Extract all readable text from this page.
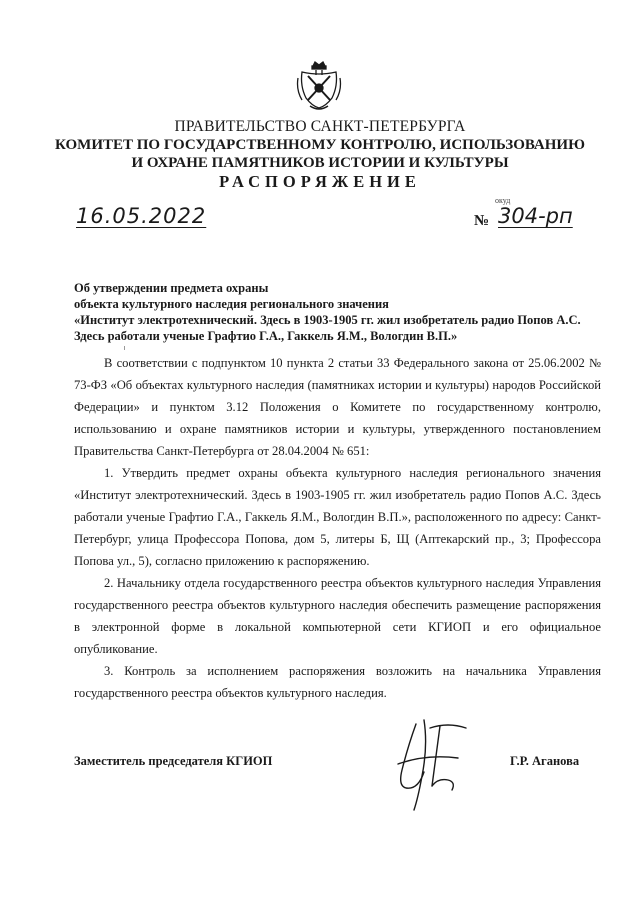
ПРАВИТЕЛЬСТВО САНКТ-ПЕТЕРБУРГА
КОМИТЕТ ПО ГОСУДАРСТВЕННОМУ КОНТРОЛЮ, ИСПОЛЬЗОВАНИЮ
И ОХРАНЕ ПАМЯТНИКОВ ИСТОРИИ И КУЛЬТУРЫ
РАСПОРЯЖЕНИЕ
окуд
16.05.2022	№ 304-рп
Об утверждении предмета охраны
объекта культурного наследия регионального значения
«Институт электротехнический. Здесь в 1903-1905 гг. жил изобретатель радио Попов А.С.
Здесь работали ученые Графтио Г.А., Гаккель Я.М., Вологдин В.П.»
В соответствии с подпунктом 10 пункта 2 статьи 33 Федерального закона от 25.06.2002 № 73-ФЗ «Об объектах культурного наследия (памятниках истории и культуры) народов Российской Федерации» и пунктом 3.12 Положения о Комитете по государственному контролю, использованию и охране памятников истории и культуры, утвержденного постановлением Правительства Санкт-Петербурга от 28.04.2004 № 651:
1. Утвердить предмет охраны объекта культурного наследия регионального значения «Институт электротехнический. Здесь в 1903-1905 гг. жил изобретатель радио Попов А.С. Здесь работали ученые Графтио Г.А., Гаккель Я.М., Вологдин В.П.», расположенного по адресу: Санкт-Петербург, улица Профессора Попова, дом 5, литеры Б, Щ (Аптекарский пр., 3; Профессора Попова ул., 5), согласно приложению к распоряжению.
2. Начальнику отдела государственного реестра объектов культурного наследия Управления государственного реестра объектов культурного наследия обеспечить размещение распоряжения в электронной форме в локальной компьютерной сети КГИОП и его официальное опубликование.
3. Контроль за исполнением распоряжения возложить на начальника Управления государственного реестра объектов культурного наследия.
Заместитель председателя КГИОП	Г.Р. Аганова
